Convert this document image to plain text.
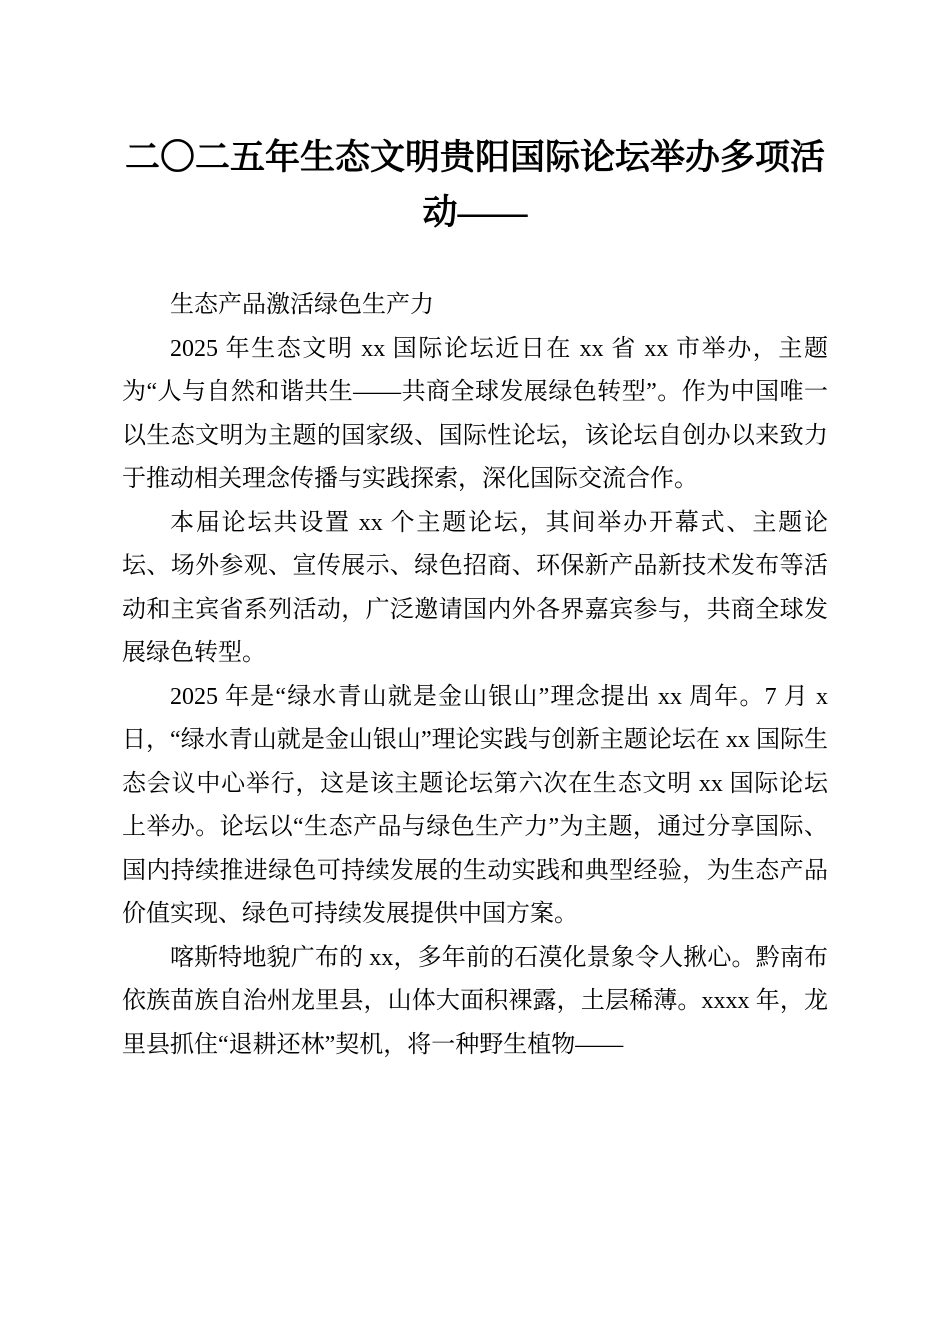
二〇二五年生态文明贵阳国际论坛举办多项活动——

生态产品激活绿色生产力

2025 年生态文明 xx 国际论坛近日在 xx 省 xx 市举办，主题为“人与自然和谐共生——共商全球发展绿色转型”。作为中国唯一以生态文明为主题的国家级、国际性论坛，该论坛自创办以来致力于推动相关理念传播与实践探索，深化国际交流合作。

本届论坛共设置 xx 个主题论坛，其间举办开幕式、主题论坛、场外参观、宣传展示、绿色招商、环保新产品新技术发布等活动和主宾省系列活动，广泛邀请国内外各界嘉宾参与，共商全球发展绿色转型。

2025 年是“绿水青山就是金山银山”理念提出 xx 周年。7 月 x 日，“绿水青山就是金山银山”理论实践与创新主题论坛在 xx 国际生态会议中心举行，这是该主题论坛第六次在生态文明 xx 国际论坛上举办。论坛以“生态产品与绿色生产力”为主题，通过分享国际、国内持续推进绿色可持续发展的生动实践和典型经验，为生态产品价值实现、绿色可持续发展提供中国方案。

喀斯特地貌广布的 xx，多年前的石漠化景象令人揪心。黔南布依族苗族自治州龙里县，山体大面积裸露，土层稀薄。xxxx 年，龙里县抓住“退耕还林”契机，将一种野生植物——
